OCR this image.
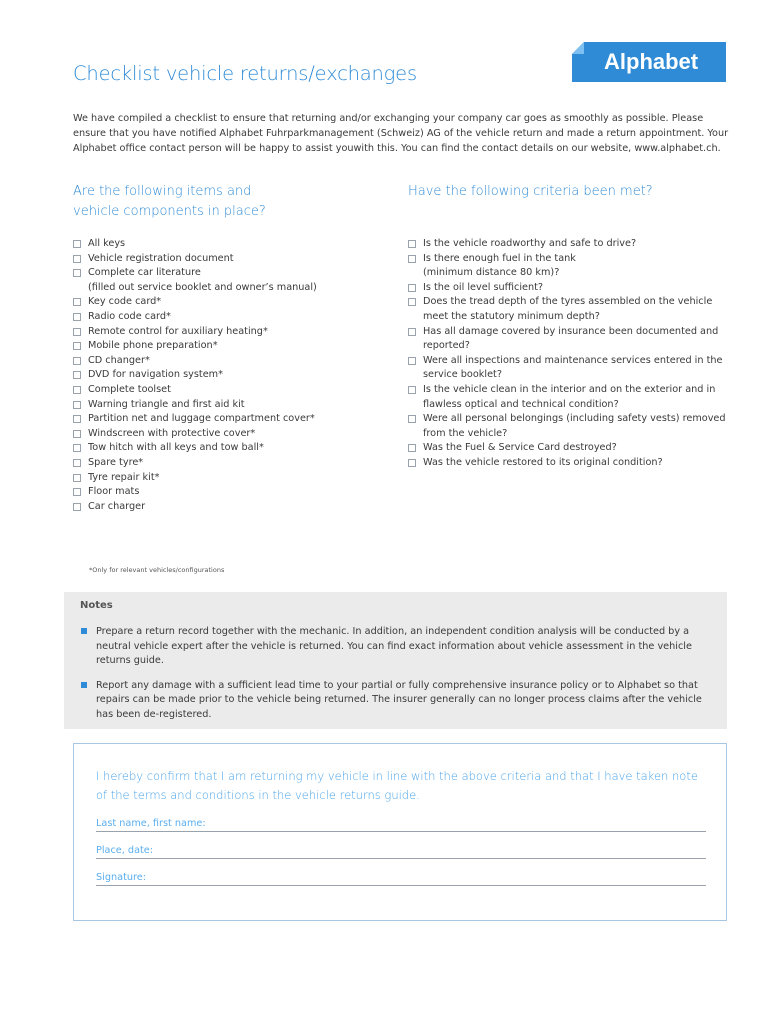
Checklist vehicle returns/exchanges	Alphabet
We have compiled a checklist to ensure that returning and/or exchanging your company car goes as smoothly as possible. Please ensure that you have notified Alphabet Fuhrparkmanagement (Schweiz) AG of the vehicle return and made a return appointment. Your Alphabet office contact person will be happy to assist youwith this. You can find the contact details on our website, www.alphabet.ch.
Are the following items and
vehicle components in place?
Have the following criteria been met?
All keys
Vehicle registration document
Complete car literature
(filled out service booklet and owner’s manual)
Key code card*
Radio code card*
Remote control for auxiliary heating*
Mobile phone preparation*
CD changer*
DVD for navigation system*
Complete toolset
Warning triangle and first aid kit
Partition net and luggage compartment cover*
Windscreen with protective cover*
Tow hitch with all keys and tow ball*
Spare tyre*
Tyre repair kit*
Floor mats
Car charger
Is the vehicle roadworthy and safe to drive?
Is there enough fuel in the tank
(minimum distance 80 km)?
Is the oil level sufficient?
Does the tread depth of the tyres assembled on the vehicle
meet the statutory minimum depth?
Has all damage covered by insurance been documented and
reported?
Were all inspections and maintenance services entered in the
service booklet?
Is the vehicle clean in the interior and on the exterior and in
flawless optical and technical condition?
Were all personal belongings (including safety vests) removed
from the vehicle?
Was the Fuel & Service Card destroyed?
Was the vehicle restored to its original condition?
*Only for relevant vehicles/configurations
Notes
Prepare a return record together with the mechanic. In addition, an independent condition analysis will be conducted by a neutral vehicle expert after the vehicle is returned. You can find exact information about vehicle assessment in the vehicle returns guide.
Report any damage with a sufficient lead time to your partial or fully comprehensive insurance policy or to Alphabet so that repairs can be made prior to the vehicle being returned. The insurer generally can no longer process claims after the vehicle has been de-registered.
I hereby confirm that I am returning my vehicle in line with the above criteria and that I have taken note of the terms and conditions in the vehicle returns guide.
Last name, first name:
Place, date:
Signature:
